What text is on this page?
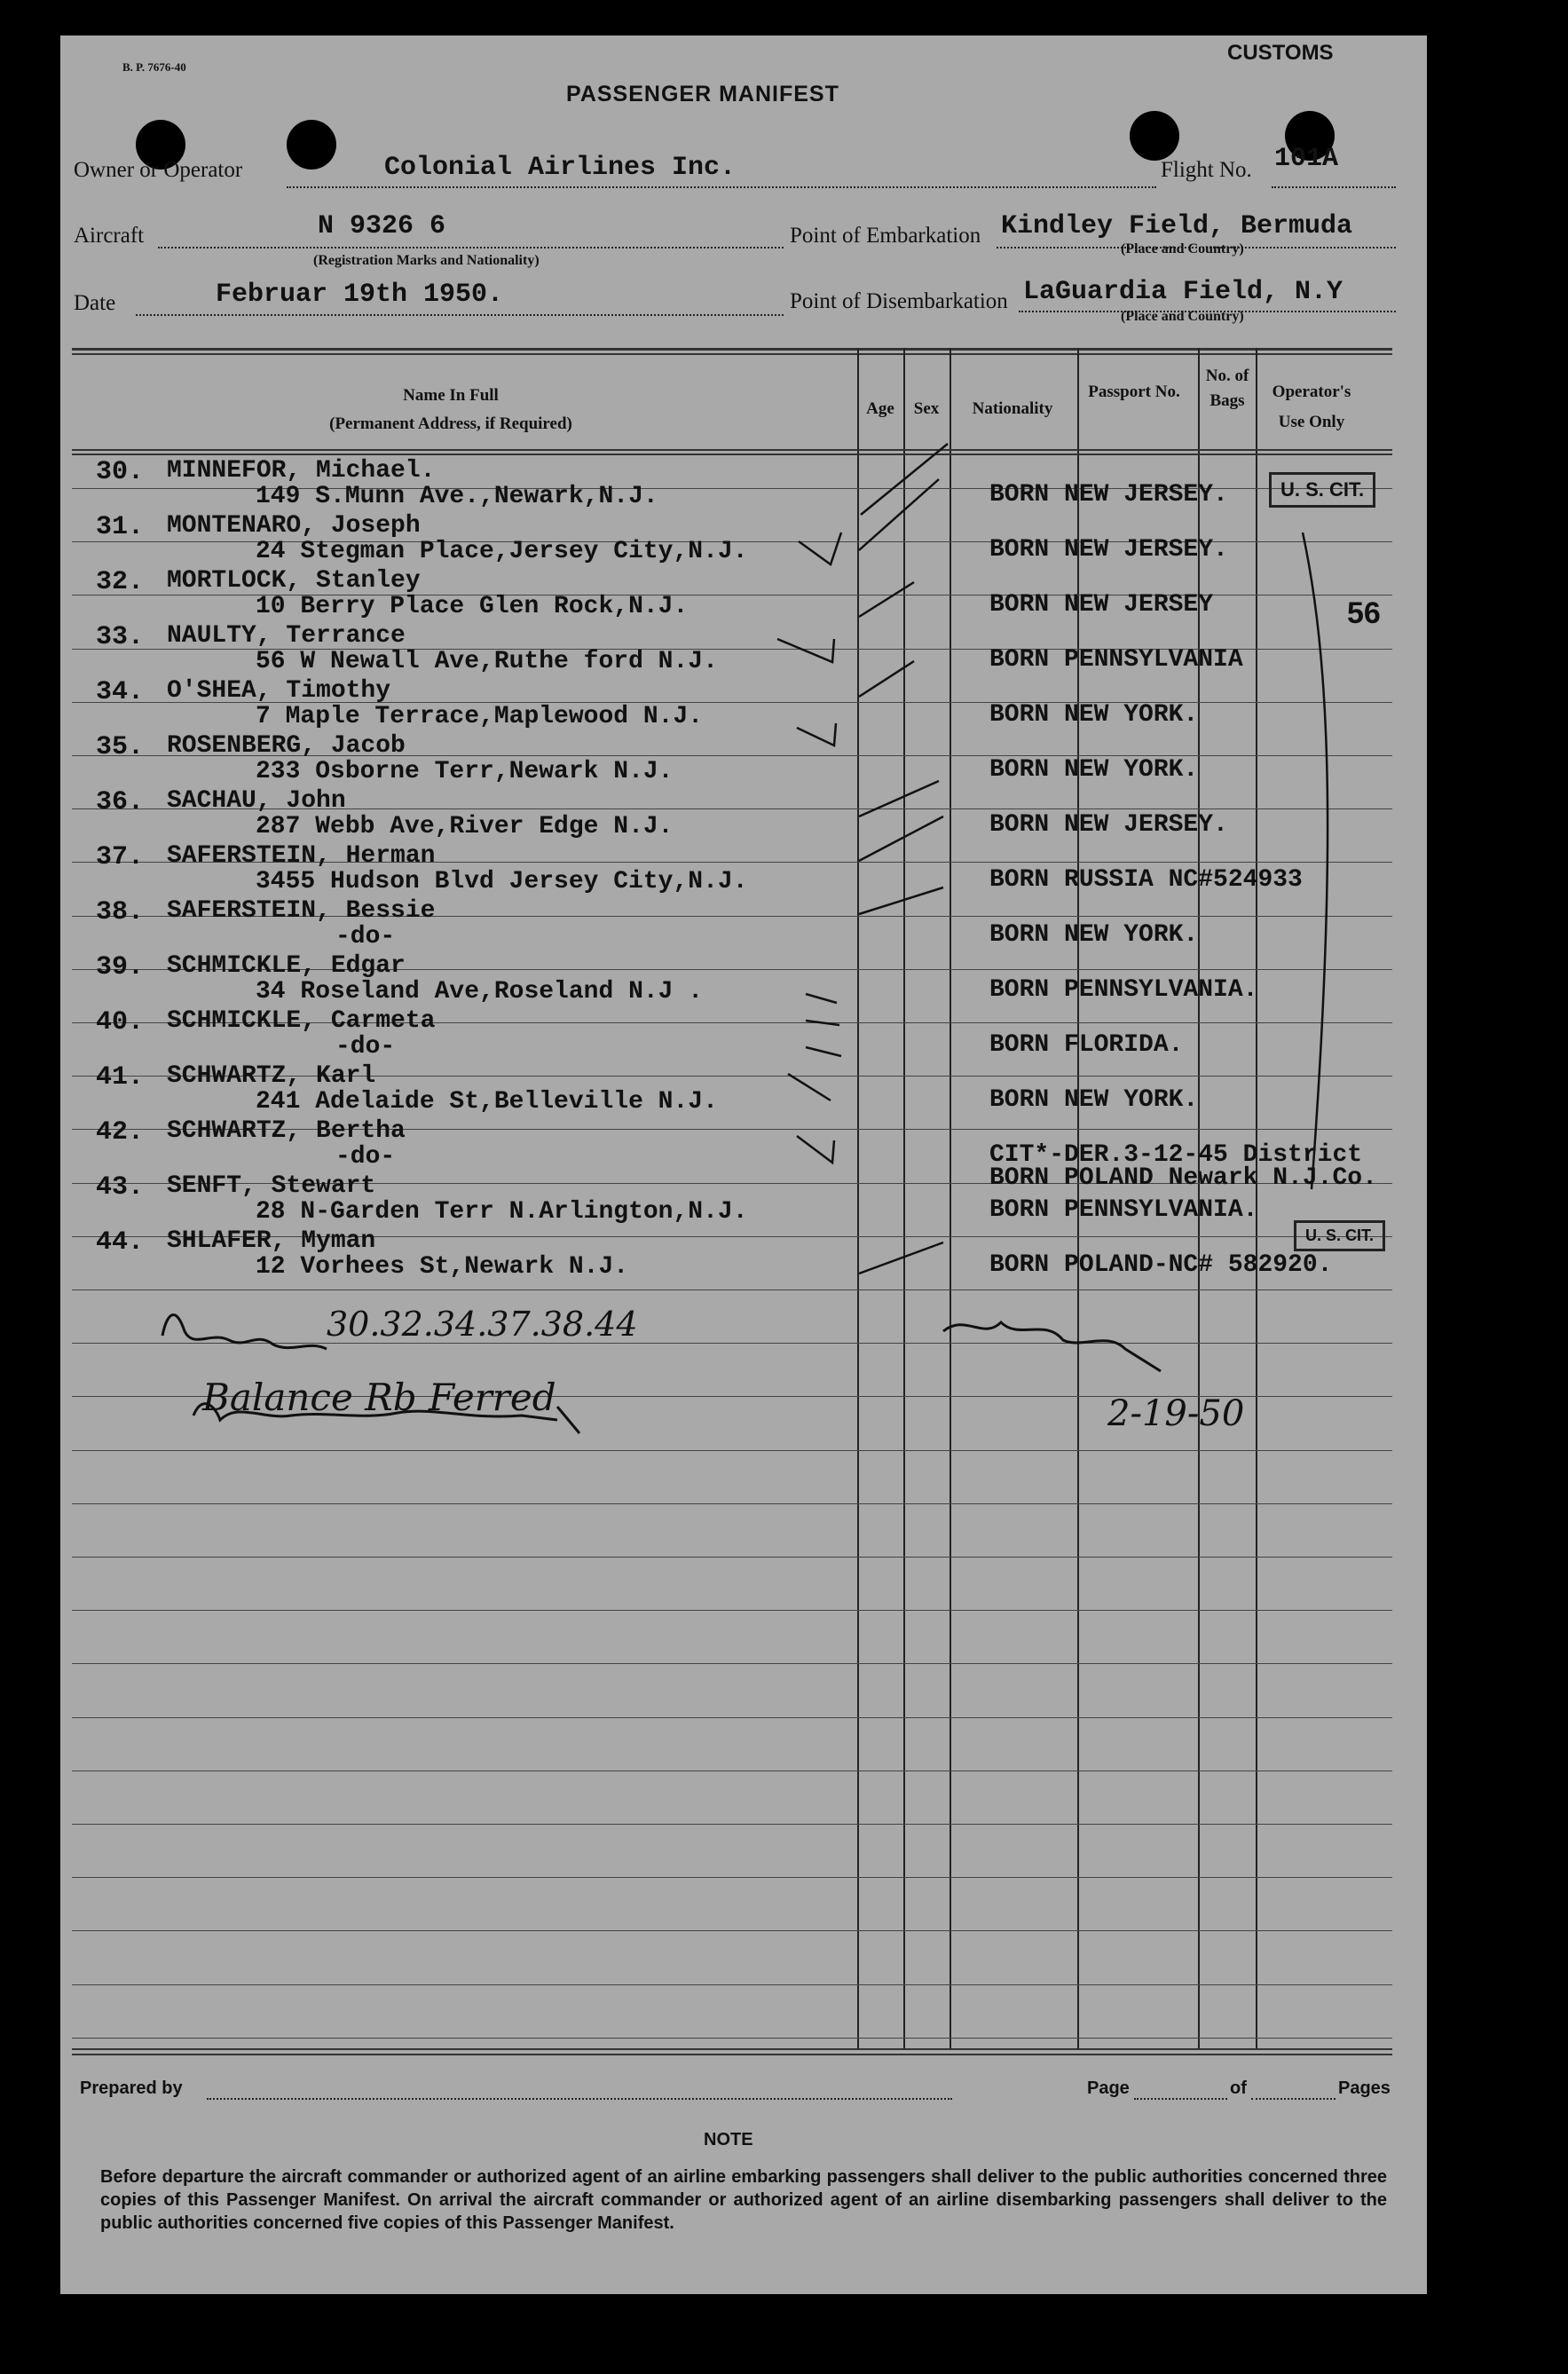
B. P. 7676-40
CUSTOMS
PASSENGER MANIFEST
Owner or Operator	Colonial Airlines Inc.	Flight No. 101A
Aircraft	N 9326 6
(Registration Marks and Nationality)
Point of Embarkation Kindley Field, Bermuda
(Place and Country)
Date	Februar 19th 1950.	Point of Disembarkation LaGuardia Field, N.Y
(Place and Country)
Name In Full
(Permanent Address, if Required)
Age	Sex	Nationality
Passport No.
No. of Bags	Operator's Use Only
30. MINNEFOR, Michael.
149 S.Munn Ave.,Newark,N.J.	BORN NEW JERSEY.
31. MONTENARO, Joseph
24 Stegman Place,Jersey City,N.J.	BORN NEW JERSEY.
32. MORTLOCK, Stanley
10 Berry Place Glen Rock,N.J.	BORN NEW JERSEY
33. NAULTY, Terrance
56 W Newall Ave,Ruthe ford N.J.	BORN PENNSYLVANIA
34. O'SHEA, Timothy
7 Maple Terrace,Maplewood N.J.	BORN NEW YORK.
35. ROSENBERG, Jacob
233 Osborne Terr,Newark N.J.	BORN NEW YORK.
36. SACHAU, John
287 Webb Ave,River Edge N.J.	BORN NEW JERSEY.
37. SAFERSTEIN, Herman
3455 Hudson Blvd Jersey City,N.J.	BORN RUSSIA NC#524933
38. SAFERSTEIN, Bessie
-do-	BORN NEW YORK.
39. SCHMICKLE, Edgar
34 Roseland Ave,Roseland N.J .	BORN PENNSYLVANIA.
40. SCHMICKLE, Carmeta
-do-	BORN FLORIDA.
41. SCHWARTZ, Karl
241 Adelaide St,Belleville N.J.	BORN NEW YORK.
42. SCHWARTZ, Bertha
-do-	CIT*-DER.3-12-45 District
BORN POLAND Newark N.J.Co.
43. SENFT, Stewart
28 N-Garden Terr N.Arlington,N.J.	BORN PENNSYLVANIA.
44. SHLAFER, Myman
12 Vorhees St,Newark N.J.	BORN POLAND-NC# 582920.
U. S. CIT.
U. S. CIT.
56
30.32.34.37.38.44
Balance Rb Ferred	2-19-50
Prepared by	Page	of	Pages
NOTE
Before departure the aircraft commander or authorized agent of an airline embarking passengers shall deliver to the public authorities concerned three copies of this Passenger Manifest. On arrival the aircraft commander or authorized agent of an airline disembarking passengers shall deliver to the public authorities concerned five copies of this Passenger Manifest.
